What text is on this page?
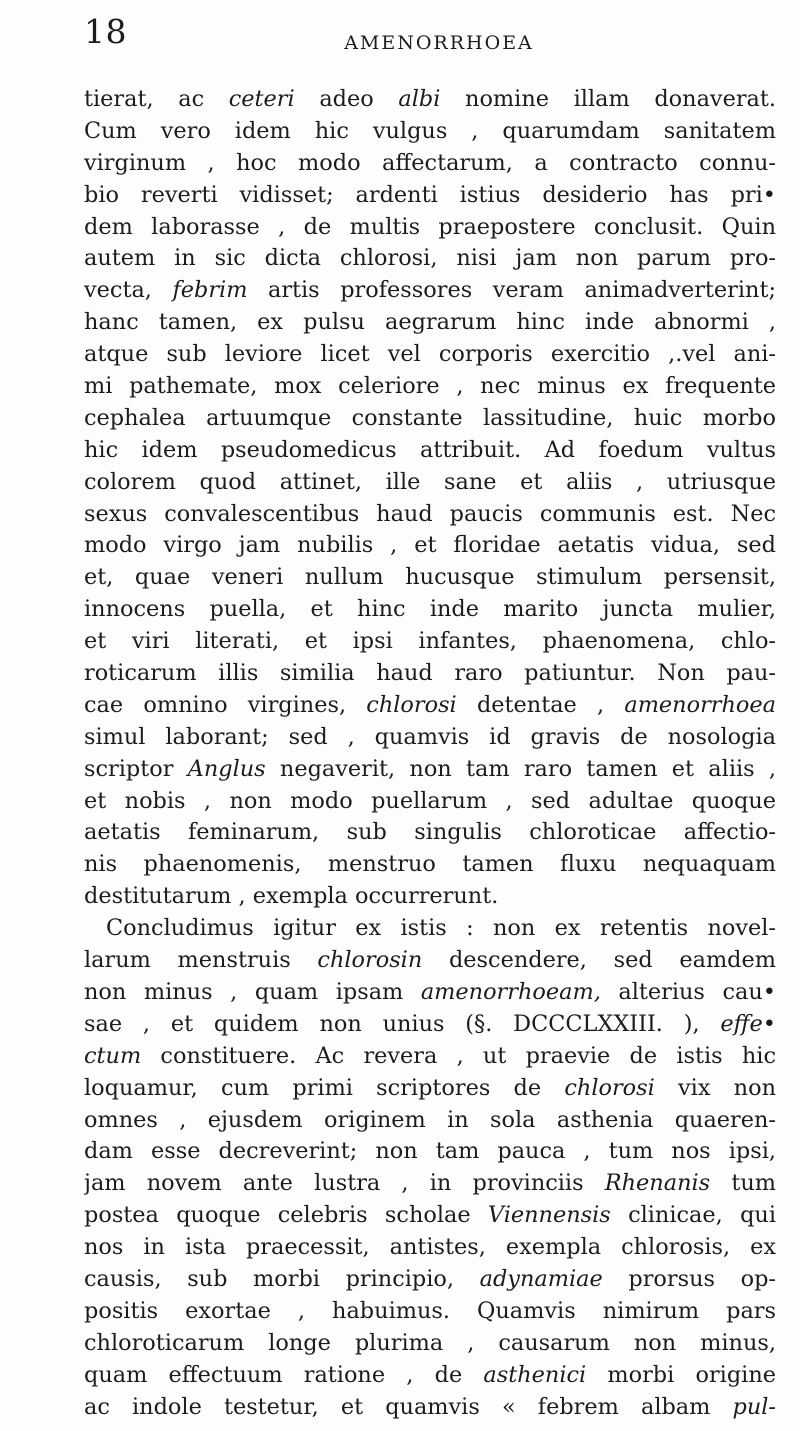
18	AMENORRHOEA
tierat, ac ceteri adeo albi nomine illam donaverat.
Cum vero idem hic vulgus , quarumdam sanitatem
virginum , hoc modo affectarum, a contracto connu-
bio reverti vidisset; ardenti istius desiderio has pri•
dem laborasse , de multis praepostere conclusit. Quin
autem in sic dicta chlorosi, nisi jam non parum pro-
vecta, febrim artis professores veram animadverterint;
hanc tamen, ex pulsu aegrarum hinc inde abnormi ,
atque sub leviore licet vel corporis exercitio ,.vel ani-
mi pathemate, mox celeriore , nec minus ex frequente
cephalea artuumque constante lassitudine, huic morbo
hic idem pseudomedicus attribuit. Ad foedum vultus
colorem quod attinet, ille sane et aliis , utriusque
sexus convalescentibus haud paucis communis est. Nec
modo virgo jam nubilis , et floridae aetatis vidua, sed
et, quae veneri nullum hucusque stimulum persensit,
innocens puella, et hinc inde marito juncta mulier,
et viri literati, et ipsi infantes, phaenomena, chlo-
roticarum illis similia haud raro patiuntur. Non pau-
cae omnino virgines, chlorosi detentae , amenorrhoea
simul laborant; sed , quamvis id gravis de nosologia
scriptor Anglus negaverit, non tam raro tamen et aliis ,
et nobis , non modo puellarum , sed adultae quoque
aetatis feminarum, sub singulis chloroticae affectio-
nis phaenomenis, menstruo tamen fluxu nequaquam
destitutarum , exempla occurrerunt.
Concludimus igitur ex istis : non ex retentis novel-
larum menstruis chlorosin descendere, sed eamdem
non minus , quam ipsam amenorrhoeam, alterius cau•
sae , et quidem non unius (§. DCCCLXXIII. ), effe•
ctum constituere. Ac revera , ut praevie de istis hic
loquamur, cum primi scriptores de chlorosi vix non
omnes , ejusdem originem in sola asthenia quaeren-
dam esse decreverint; non tam pauca , tum nos ipsi,
jam novem ante lustra , in provinciis Rhenanis tum
postea quoque celebris scholae Viennensis clinicae, qui
nos in ista praecessit, antistes, exempla chlorosis, ex
causis, sub morbi principio, adynamiae prorsus op-
positis exortae , habuimus. Quamvis nimirum pars
chloroticarum longe plurima , causarum non minus,
quam effectuum ratione , de asthenici morbi origine
ac indole testetur, et quamvis « febrem albam pul-
